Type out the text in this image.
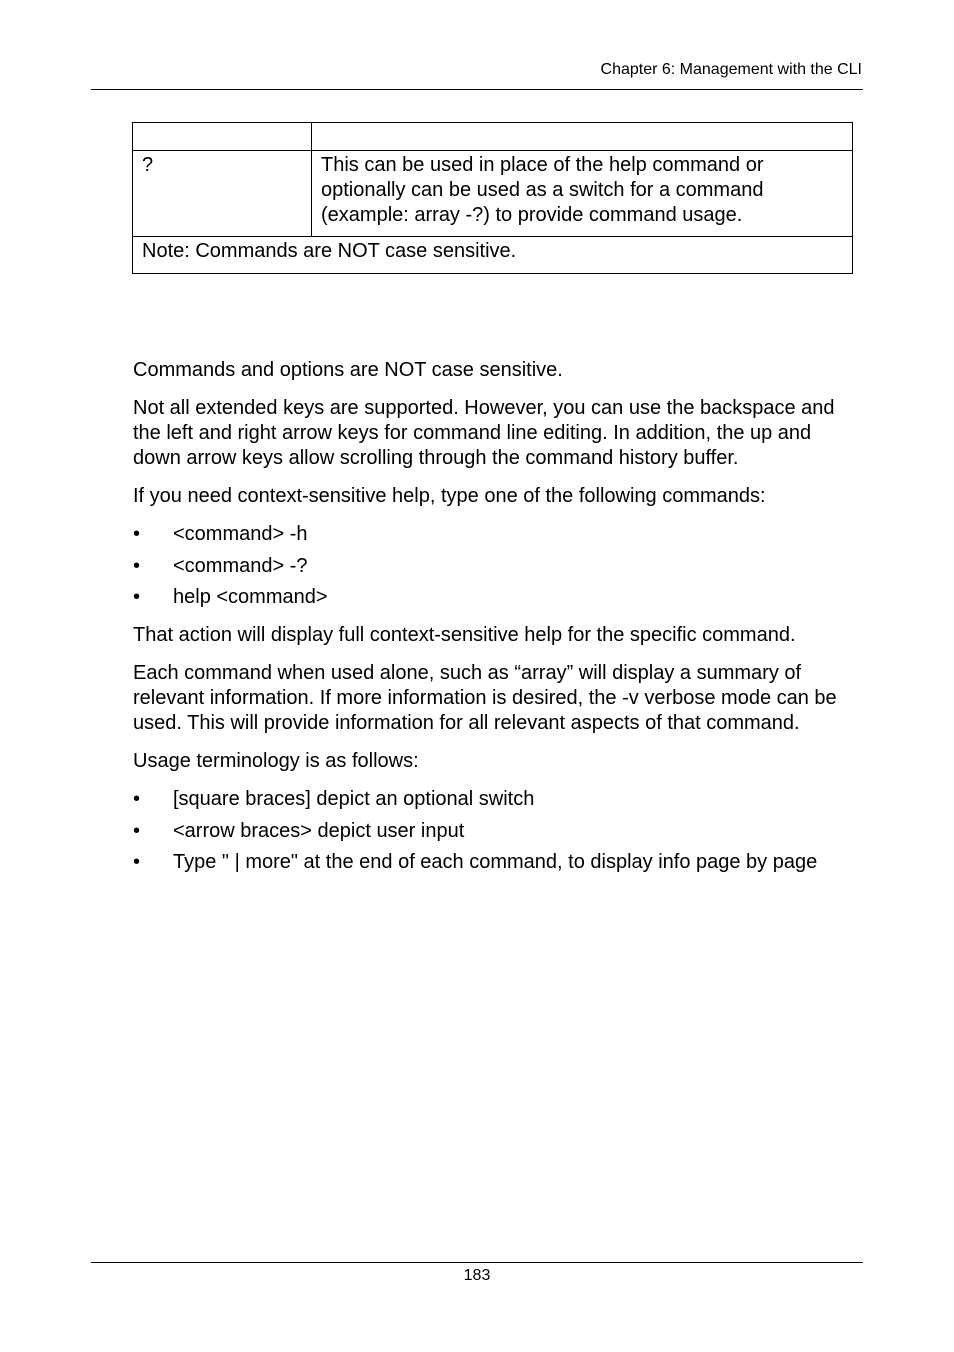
Chapter 6: Management with the CLI

?	This can be used in place of the help command or optionally can be used as a switch for a command (example: array -?) to provide command usage.
Note: Commands are NOT case sensitive.	

Commands and options are NOT case sensitive.

Not all extended keys are supported. However, you can use the backspace and the left and right arrow keys for command line editing. In addition, the up and down arrow keys allow scrolling through the command history buffer.

If you need context-sensitive help, type one of the following commands:

• <command> -h
• <command> -?
• help <command>

That action will display full context-sensitive help for the specific command.

Each command when used alone, such as “array” will display a summary of relevant information. If more information is desired, the -v verbose mode can be used. This will provide information for all relevant aspects of that command.

Usage terminology is as follows:

• [square braces] depict an optional switch
• <arrow braces> depict user input
• Type " | more" at the end of each command, to display info page by page
183
